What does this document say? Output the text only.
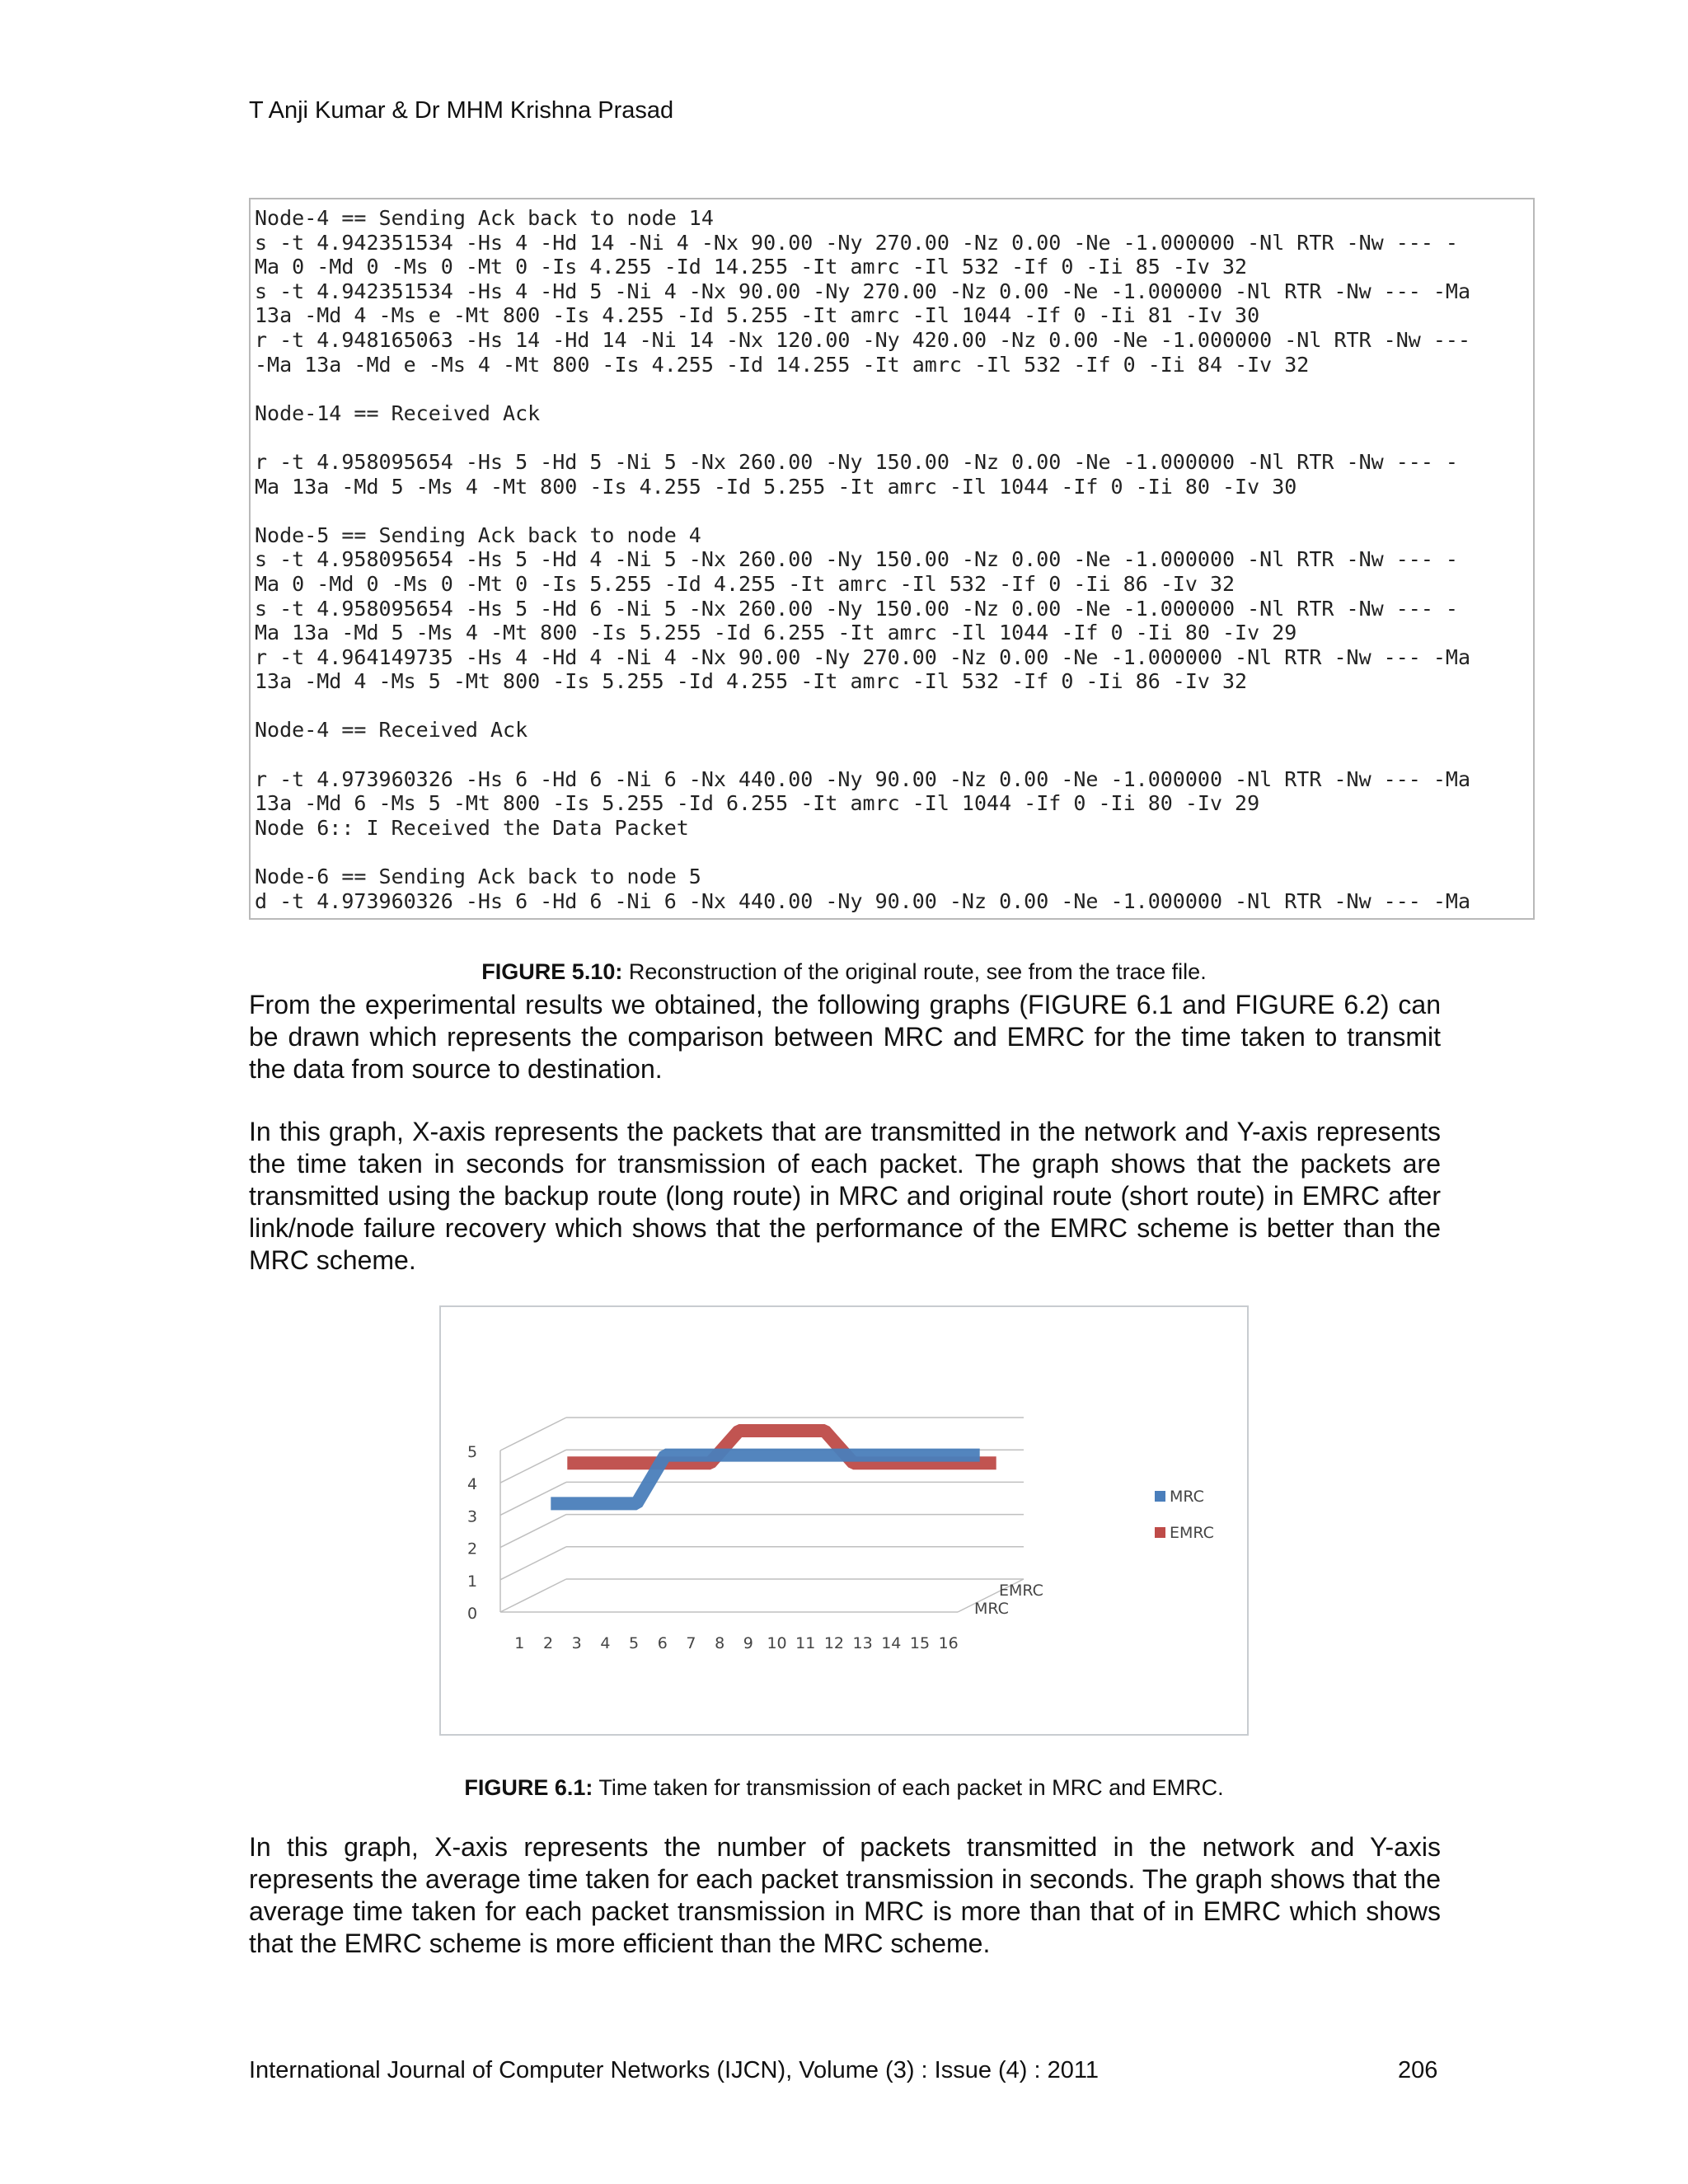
T Anji Kumar & Dr MHM Krishna Prasad
Node-4 == Sending Ack back to node 14
s -t 4.942351534 -Hs 4 -Hd 14 -Ni 4 -Nx 90.00 -Ny 270.00 -Nz 0.00 -Ne -1.000000 -Nl RTR -Nw --- -
Ma 0 -Md 0 -Ms 0 -Mt 0 -Is 4.255 -Id 14.255 -It amrc -Il 532 -If 0 -Ii 85 -Iv 32
s -t 4.942351534 -Hs 4 -Hd 5 -Ni 4 -Nx 90.00 -Ny 270.00 -Nz 0.00 -Ne -1.000000 -Nl RTR -Nw --- -Ma
13a -Md 4 -Ms e -Mt 800 -Is 4.255 -Id 5.255 -It amrc -Il 1044 -If 0 -Ii 81 -Iv 30
r -t 4.948165063 -Hs 14 -Hd 14 -Ni 14 -Nx 120.00 -Ny 420.00 -Nz 0.00 -Ne -1.000000 -Nl RTR -Nw ---
-Ma 13a -Md e -Ms 4 -Mt 800 -Is 4.255 -Id 14.255 -It amrc -Il 532 -If 0 -Ii 84 -Iv 32
Node-14 == Received Ack
r -t 4.958095654 -Hs 5 -Hd 5 -Ni 5 -Nx 260.00 -Ny 150.00 -Nz 0.00 -Ne -1.000000 -Nl RTR -Nw --- -
Ma 13a -Md 5 -Ms 4 -Mt 800 -Is 4.255 -Id 5.255 -It amrc -Il 1044 -If 0 -Ii 80 -Iv 30
Node-5 == Sending Ack back to node 4
s -t 4.958095654 -Hs 5 -Hd 4 -Ni 5 -Nx 260.00 -Ny 150.00 -Nz 0.00 -Ne -1.000000 -Nl RTR -Nw --- -
Ma 0 -Md 0 -Ms 0 -Mt 0 -Is 5.255 -Id 4.255 -It amrc -Il 532 -If 0 -Ii 86 -Iv 32
s -t 4.958095654 -Hs 5 -Hd 6 -Ni 5 -Nx 260.00 -Ny 150.00 -Nz 0.00 -Ne -1.000000 -Nl RTR -Nw --- -
Ma 13a -Md 5 -Ms 4 -Mt 800 -Is 5.255 -Id 6.255 -It amrc -Il 1044 -If 0 -Ii 80 -Iv 29
r -t 4.964149735 -Hs 4 -Hd 4 -Ni 4 -Nx 90.00 -Ny 270.00 -Nz 0.00 -Ne -1.000000 -Nl RTR -Nw --- -Ma
13a -Md 4 -Ms 5 -Mt 800 -Is 5.255 -Id 4.255 -It amrc -Il 532 -If 0 -Ii 86 -Iv 32
Node-4 == Received Ack
r -t 4.973960326 -Hs 6 -Hd 6 -Ni 6 -Nx 440.00 -Ny 90.00 -Nz 0.00 -Ne -1.000000 -Nl RTR -Nw --- -Ma
13a -Md 6 -Ms 5 -Mt 800 -Is 5.255 -Id 6.255 -It amrc -Il 1044 -If 0 -Ii 80 -Iv 29
Node 6:: I Received the Data Packet
Node-6 == Sending Ack back to node 5
d -t 4.973960326 -Hs 6 -Hd 6 -Ni 6 -Nx 440.00 -Ny 90.00 -Nz 0.00 -Ne -1.000000 -Nl RTR -Nw --- -Ma
FIGURE 5.10: Reconstruction of the original route, see from the trace file.
From the experimental results we obtained, the following graphs (FIGURE 6.1 and FIGURE 6.2) can be drawn which represents the comparison between MRC and EMRC for the time taken to transmit the data from source to destination.
In this graph, X-axis represents the packets that are transmitted in the network and Y-axis represents the time taken in seconds for transmission of each packet. The graph shows that the packets are transmitted using the backup route (long route) in MRC and original route (short route) in EMRC after link/node failure recovery which shows that the performance of the EMRC scheme is better than the MRC scheme.
0
1
2
3
4
5
1 2 3 4 5 6 7 8 9 10 11 12 13 14 15 16
EMRC
MRC
MRC
EMRC
FIGURE 6.1: Time taken for transmission of each packet in MRC and EMRC.
In this graph, X-axis represents the number of packets transmitted in the network and Y-axis represents the average time taken for each packet transmission in seconds. The graph shows that the average time taken for each packet transmission in MRC is more than that of in EMRC which shows that the EMRC scheme is more efficient than the MRC scheme.
International Journal of Computer Networks (IJCN), Volume (3) : Issue (4) : 2011	206
